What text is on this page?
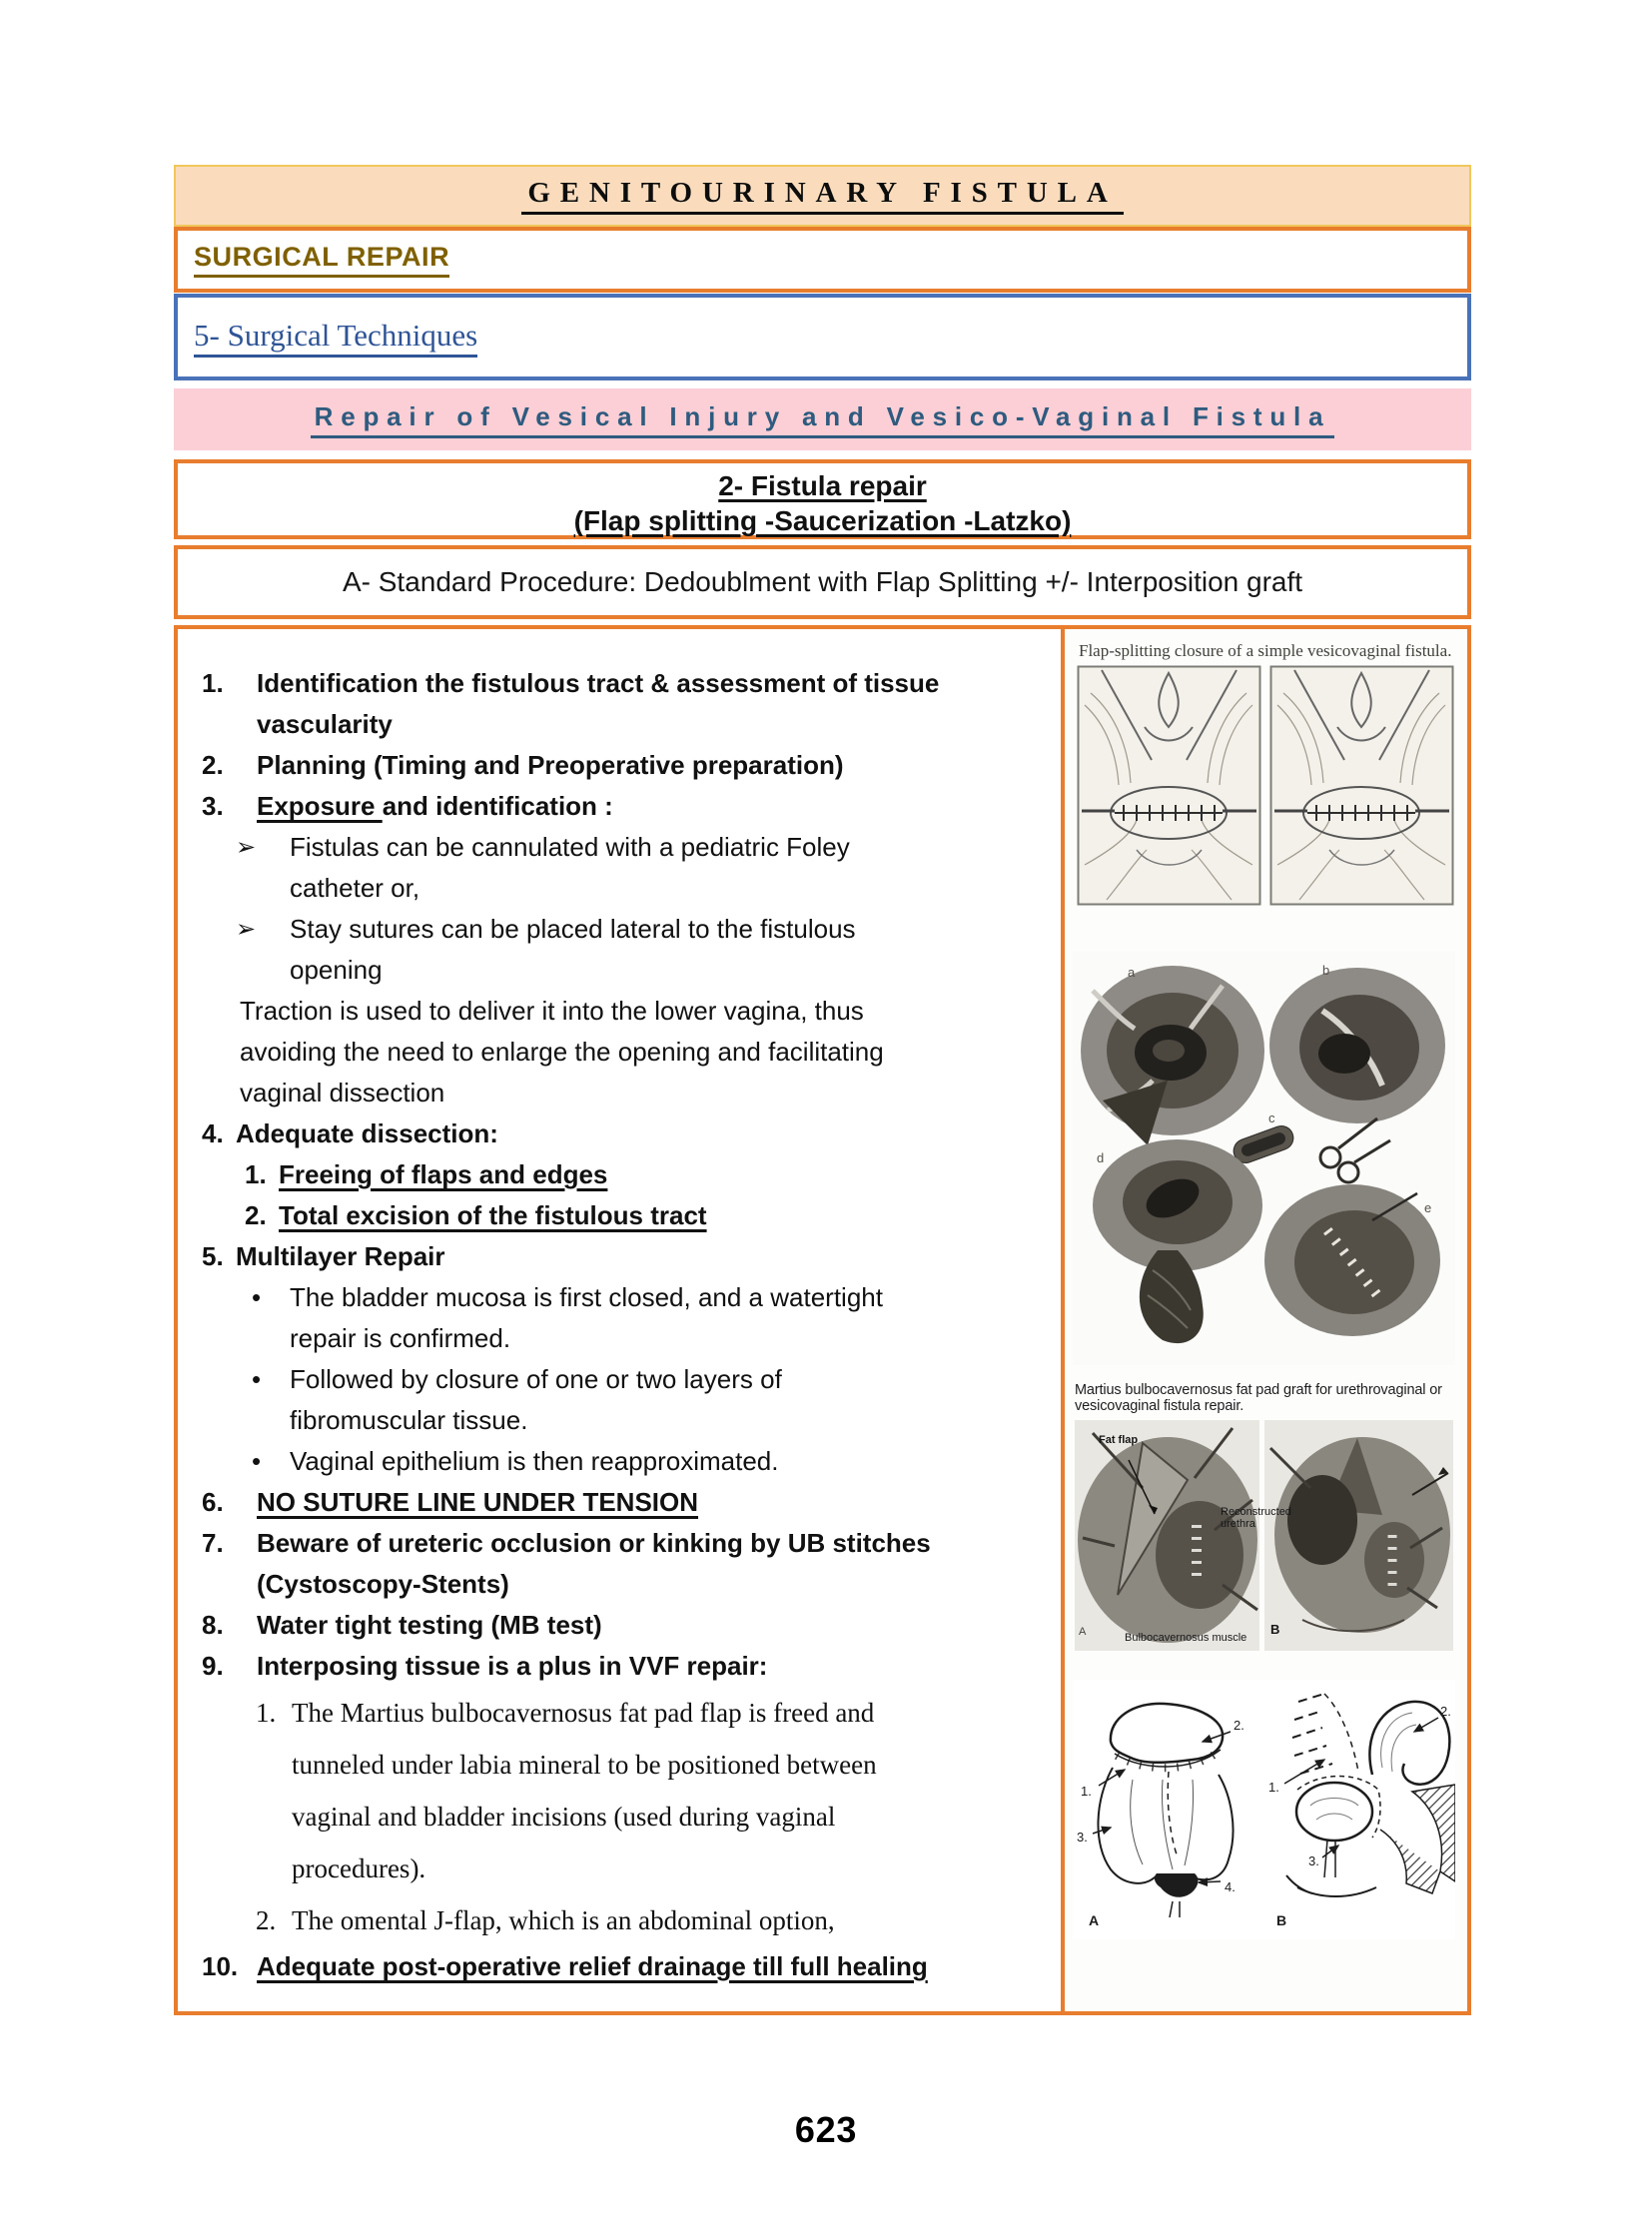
GENITOURINARY FISTULA
SURGICAL REPAIR
5- Surgical Techniques
Repair of Vesical Injury and Vesico-Vaginal Fistula
2- Fistula repair
(Flap splitting -Saucerization -Latzko)
A- Standard Procedure: Dedoublment with Flap Splitting +/- Interposition graft
1.	Identification the fistulous tract & assessment of tissue vascularity
2.	Planning (Timing and Preoperative preparation)
3.	Exposure and identification :
➢	Fistulas can be cannulated with a pediatric Foley catheter or,
➢	Stay sutures can be placed lateral to the fistulous opening
Traction is used to deliver it into the lower vagina, thus avoiding the need to enlarge the opening and facilitating vaginal dissection
4. Adequate dissection:
1. Freeing of flaps and edges
2. Total excision of the fistulous tract
5. Multilayer Repair
•	The bladder mucosa is first closed, and a watertight repair is confirmed.
•	Followed by closure of one or two layers of fibromuscular tissue.
•	Vaginal epithelium is then reapproximated.
6.	NO SUTURE LINE UNDER TENSION
7.	Beware of ureteric occlusion or kinking by UB stitches (Cystoscopy-Stents)
8.	Water tight testing (MB test)
9.	Interposing tissue is a plus in VVF repair:
1. The Martius bulbocavernosus fat pad flap is freed and tunneled under labia mineral to be positioned between vaginal and bladder incisions (used during vaginal procedures).
2. The omental J-flap, which is an abdominal option,
10. Adequate post-operative relief drainage till full healing
Flap-splitting closure of a simple vesicovaginal fistula.
a	b
c
d
e
Martius bulbocavernosus fat pad graft for urethrovaginal or vesicovaginal fistula repair.
Fat flap
Reconstructed urethra
Bulbocavernosus muscle
A	B
1.
2.
3.
4.
A
1.
2.
3.
B
623
